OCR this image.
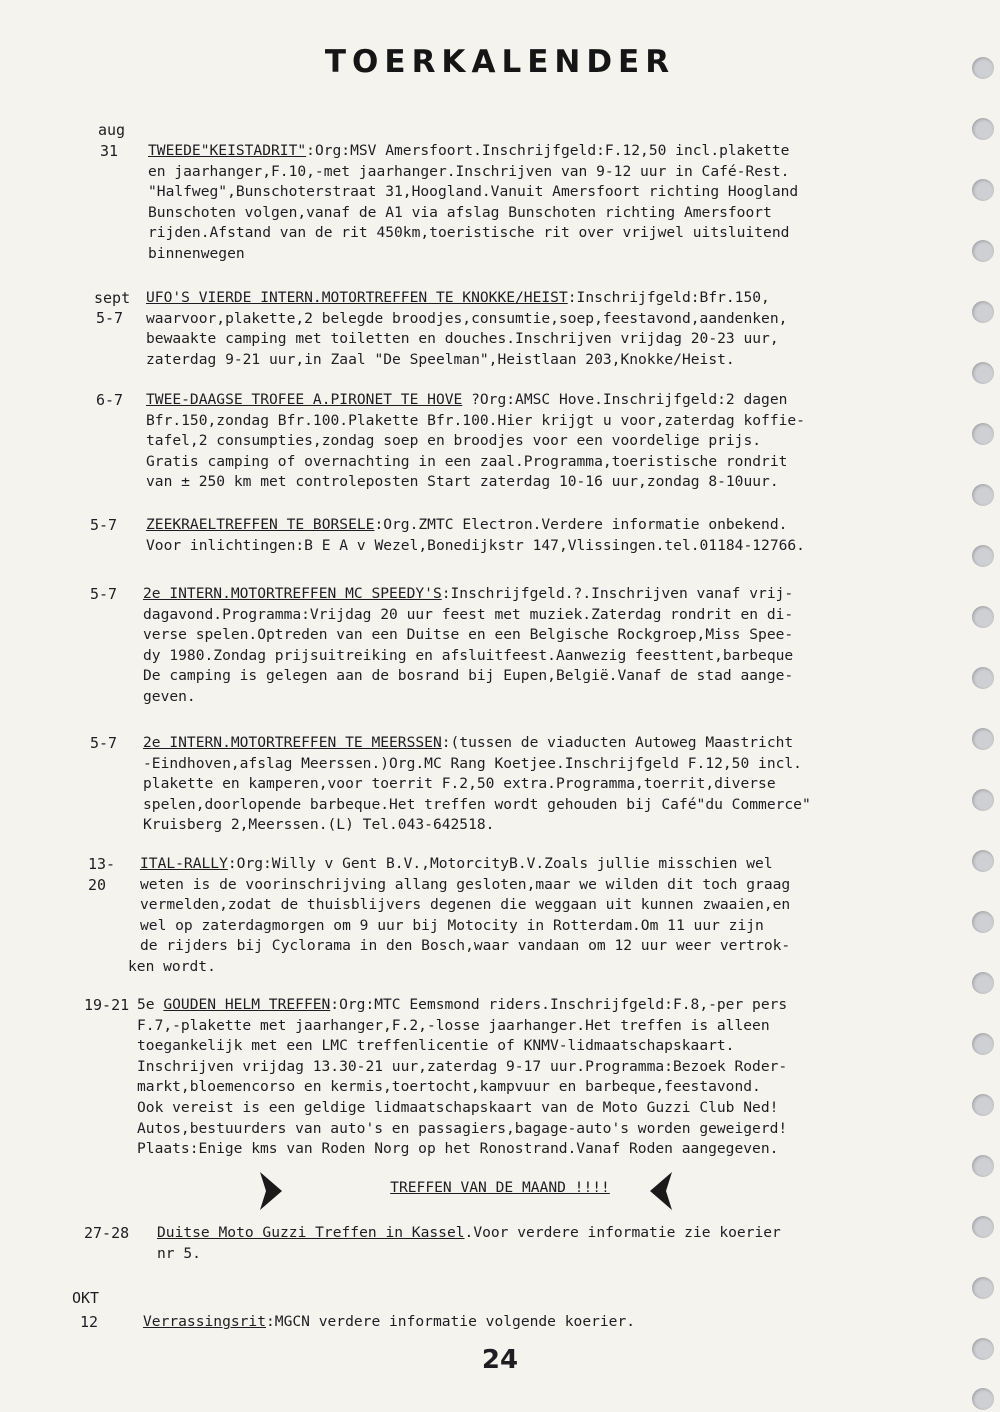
TOERKALENDER
aug
sept
OKT
31
5-7
6-7
5-7
5-7
5-7
13-
20
19-21
27-28
12
TWEEDE"KEISTADRIT":Org:MSV Amersfoort.Inschrijfgeld:F.12,50 incl.plakette
en jaarhanger,F.10,-met jaarhanger.Inschrijven van 9-12 uur in Café-Rest.
"Halfweg",Bunschoterstraat 31,Hoogland.Vanuit Amersfoort richting Hoogland
Bunschoten volgen,vanaf de A1 via afslag Bunschoten richting Amersfoort
rijden.Afstand van de rit 450km,toeristische rit over vrijwel uitsluitend
binnenwegen
UFO'S VIERDE INTERN.MOTORTREFFEN TE KNOKKE/HEIST:Inschrijfgeld:Bfr.150,
waarvoor,plakette,2 belegde broodjes,consumtie,soep,feestavond,aandenken,
bewaakte camping met toiletten en douches.Inschrijven vrijdag 20-23 uur,
zaterdag 9-21 uur,in Zaal "De Speelman",Heistlaan 203,Knokke/Heist.
TWEE-DAAGSE TROFEE A.PIRONET TE HOVE ?Org:AMSC Hove.Inschrijfgeld:2 dagen
Bfr.150,zondag Bfr.100.Plakette Bfr.100.Hier krijgt u voor,zaterdag koffie-
tafel,2 consumpties,zondag soep en broodjes voor een voordelige prijs.
Gratis camping of overnachting in een zaal.Programma,toeristische rondrit
van ± 250 km met controleposten Start zaterdag 10-16 uur,zondag 8-10uur.
ZEEKRAELTREFFEN TE BORSELE:Org.ZMTC Electron.Verdere informatie onbekend.
Voor inlichtingen:B E A v Wezel,Bonedijkstr 147,Vlissingen.tel.01184-12766.
2e INTERN.MOTORTREFFEN MC SPEEDY'S:Inschrijfgeld.?.Inschrijven vanaf vrij-
dagavond.Programma:Vrijdag 20 uur feest met muziek.Zaterdag rondrit en di-
verse spelen.Optreden van een Duitse en een Belgische Rockgroep,Miss Spee-
dy 1980.Zondag prijsuitreiking en afsluitfeest.Aanwezig feesttent,barbeque
De camping is gelegen aan de bosrand bij Eupen,België.Vanaf de stad aange-
geven.
2e INTERN.MOTORTREFFEN TE MEERSSEN:(tussen de viaducten Autoweg Maastricht
-Eindhoven,afslag Meerssen.)Org.MC Rang Koetjee.Inschrijfgeld F.12,50 incl.
plakette en kamperen,voor toerrit F.2,50 extra.Programma,toerrit,diverse
spelen,doorlopende barbeque.Het treffen wordt gehouden bij Café"du Commerce"
Kruisberg 2,Meerssen.(L) Tel.043-642518.
ITAL-RALLY:Org:Willy v Gent B.V.,MotorcityB.V.Zoals jullie misschien wel
weten is de voorinschrijving allang gesloten,maar we wilden dit toch graag
vermelden,zodat de thuisblijvers degenen die weggaan uit kunnen zwaaien,en
wel op zaterdagmorgen om 9 uur bij Motocity in Rotterdam.Om 11 uur zijn
de rijders bij Cyclorama in den Bosch,waar vandaan om 12 uur weer vertrok-
ken wordt.
5e GOUDEN HELM TREFFEN:Org:MTC Eemsmond riders.Inschrijfgeld:F.8,-per pers
F.7,-plakette met jaarhanger,F.2,-losse jaarhanger.Het treffen is alleen
toegankelijk met een LMC treffenlicentie of KNMV-lidmaatschapskaart.
Inschrijven vrijdag 13.30-21 uur,zaterdag 9-17 uur.Programma:Bezoek Roder-
markt,bloemencorso en kermis,toertocht,kampvuur en barbeque,feestavond.
Ook vereist is een geldige lidmaatschapskaart van de Moto Guzzi Club Ned!
Autos,bestuurders van auto's en passagiers,bagage-auto's worden geweigerd!
Plaats:Enige kms van Roden Norg op het Ronostrand.Vanaf Roden aangegeven.
TREFFEN VAN DE MAAND !!!!
Duitse Moto Guzzi Treffen in Kassel.Voor verdere informatie zie koerier
nr 5.
Verrassingsrit:MGCN verdere informatie volgende koerier.
24
